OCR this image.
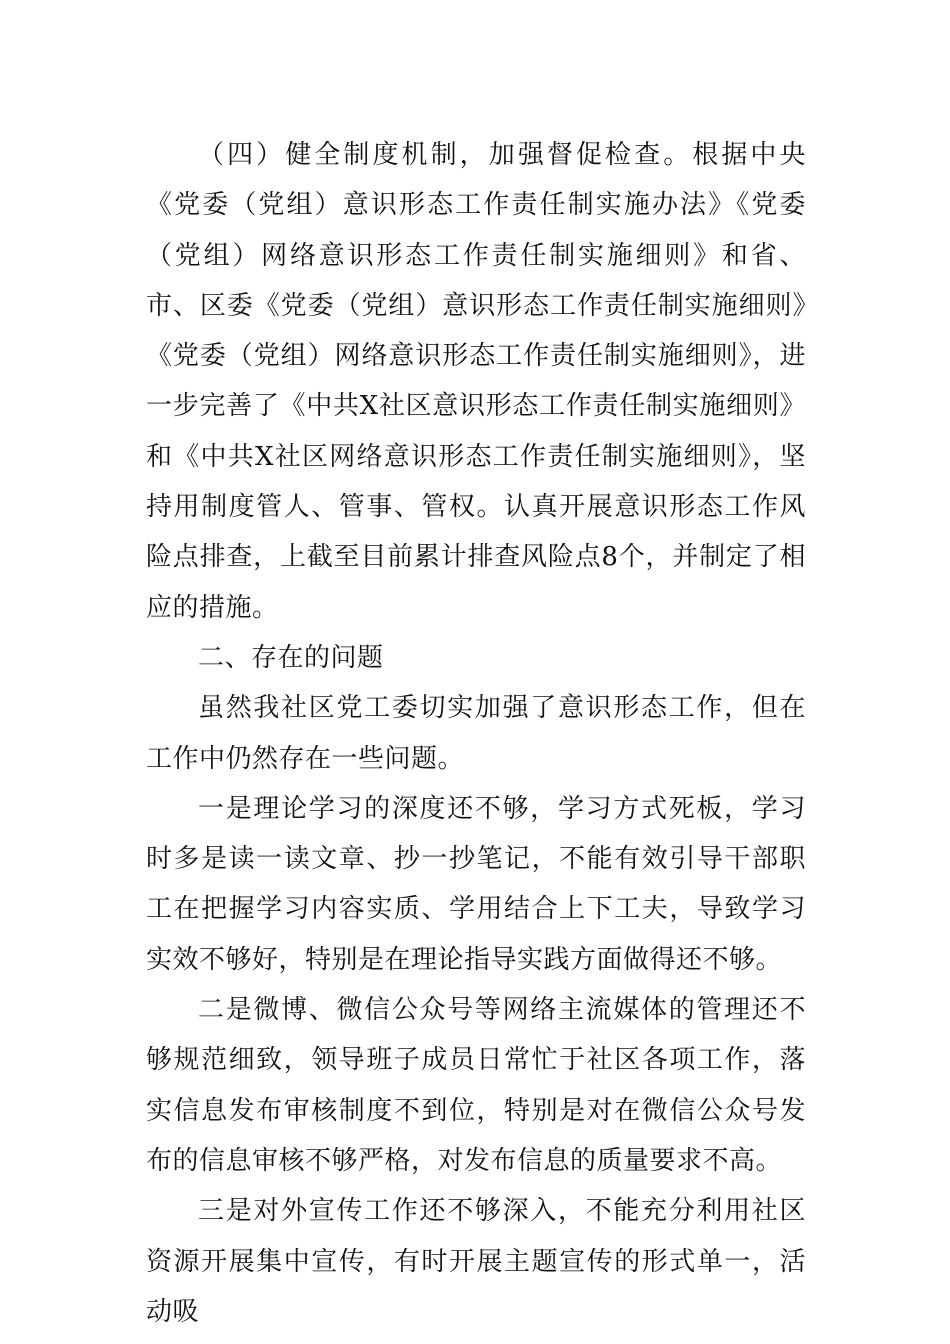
（四）健全制度机制，加强督促检查。根据中央《党委（党组）意识形态工作责任制实施办法》《党委（党组）网络意识形态工作责任制实施细则》和省、市、区委《党委（党组）意识形态工作责任制实施细则》《党委（党组）网络意识形态工作责任制实施细则》，进一步完善了《中共X社区意识形态工作责任制实施细则》和《中共X社区网络意识形态工作责任制实施细则》，坚持用制度管人、管事、管权。认真开展意识形态工作风险点排查，上截至目前累计排查风险点8个，并制定了相应的措施。

二、存在的问题

虽然我社区党工委切实加强了意识形态工作，但在工作中仍然存在一些问题。

一是理论学习的深度还不够，学习方式死板，学习时多是读一读文章、抄一抄笔记，不能有效引导干部职工在把握学习内容实质、学用结合上下工夫，导致学习实效不够好，特别是在理论指导实践方面做得还不够。

二是微博、微信公众号等网络主流媒体的管理还不够规范细致，领导班子成员日常忙于社区各项工作，落实信息发布审核制度不到位，特别是对在微信公众号发布的信息审核不够严格，对发布信息的质量要求不高。

三是对外宣传工作还不够深入，不能充分利用社区资源开展集中宣传，有时开展主题宣传的形式单一，活动吸
